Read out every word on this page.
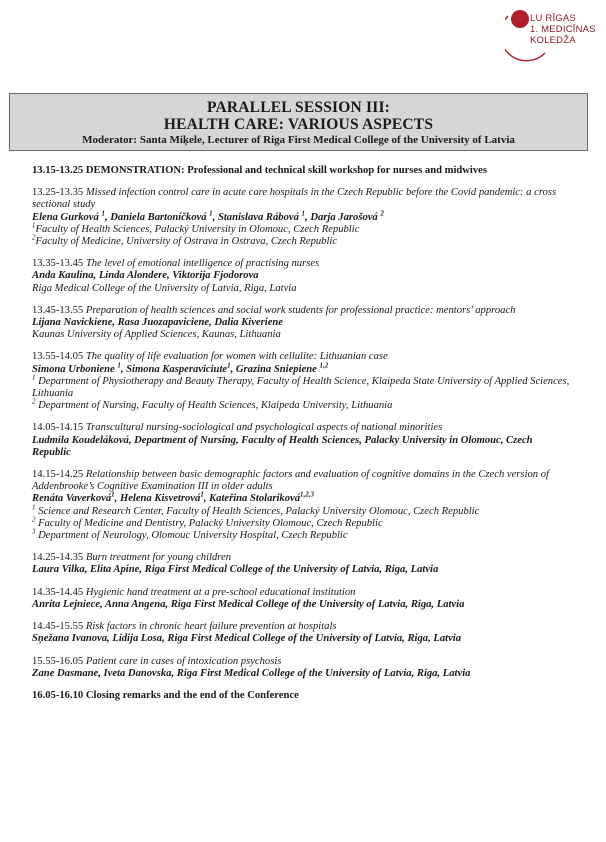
LU RĪGAS
1. MEDICĪNAS
KOLEDŽA
PARALLEL SESSION III:
HEALTH CARE: VARIOUS ASPECTS
Moderator: Santa Miķele, Lecturer of Riga First Medical College of the University of Latvia
13.15-13.25 DEMONSTRATION: Professional and technical skill workshop for nurses and midwives
13.25-13.35 Missed infection control care in acute care hospitals in the Czech Republic before the Covid pandemic: a cross sectional study
Elena Gurková $^1$, Daniela Bartoníčková $^1$, Stanislava Rábová $^1$, Darja Jarošová $^2$
$^1$Faculty of Health Sciences, Palacký University in Olomouc, Czech Republic
$^2$Faculty of Medicine, University of Ostrava in Ostrava, Czech Republic
13.35-13.45 The level of emotional intelligence of practising nurses
Anda Kaulina, Linda Alondere, Viktorija Fjodorova
Riga Medical College of the University of Latvia, Riga, Latvia
13.45-13.55 Preparation of health sciences and social work students for professional practice: mentors’ approach
Lijana Navickiene, Rasa Juozapaviciene, Dalia Kiveriene
Kaunas University of Applied Sciences, Kaunas, Lithuania
13.55-14.05 The quality of life evaluation for women with cellulite: Lithuanian case
Simona Urboniene $^1$, Simona Kasperaviciute$^1$, Grazina Sniepiene $^{1,2}$
$^1$ Department of Physiotherapy and Beauty Therapy, Faculty of Health Science, Klaipeda State University of Applied Sciences, Lithuania
$^2$ Department of Nursing, Faculty of Health Sciences, Klaipeda University, Lithuania
14.05-14.15 Transcultural nursing-sociological and psychological aspects of national minorities
Ludmila Koudeláková, Department of Nursing, Faculty of Health Sciences, Palacky University in Olomouc, Czech Republic
14.15-14.25 Relationship between basic demographic factors and evaluation of cognitive domains in the Czech version of Addenbrooke’s Cognitive Examination III in older adults
Renáta Vaverková$^1$, Helena Kisvetrová$^1$, Kateřina Stolariková$^{1,2,3}$
$^1$ Science and Research Center, Faculty of Health Sciences, Palacký University Olomouc, Czech Republic
$^2$ Faculty of Medicine and Dentistry, Palacký University Olomouc, Czech Republic
$^3$ Department of Neurology, Olomouc University Hospital, Czech Republic
14.25-14.35 Burn treatment for young children
Laura Vilka, Elita Apine, Riga First Medical College of the University of Latvia, Riga, Latvia
14.35-14.45 Hygienic hand treatment at a pre-school educational institution
Anrita Lejniece, Anna Angena, Riga First Medical College of the University of Latvia, Riga, Latvia
14.45-15.55 Risk factors in chronic heart failure prevention at hospitals
Sņežana Ivanova, Lidija Losa, Riga First Medical College of the University of Latvia, Riga, Latvia
15.55-16.05 Patient care in cases of intoxication psychosis
Zane Dasmane, Iveta Danovska, Riga First Medical College of the University of Latvia, Riga, Latvia
16.05-16.10 Closing remarks and the end of the Conference
